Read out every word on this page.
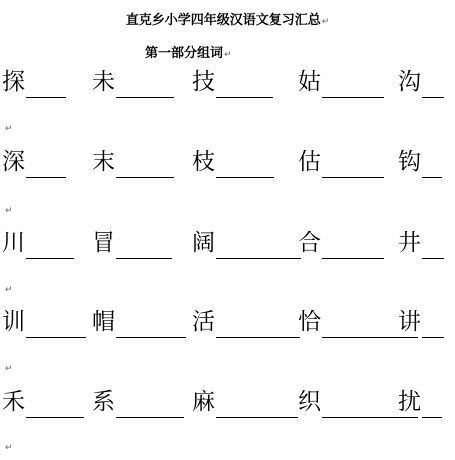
直克乡小学四年级汉语文复习汇总↵
第一部分组词↵
探	未	技	姑	沟
↵
深	末	枝	估	钩
↵
川	冒	阔	合	井
↵
训	帽	活	恰	讲
↵
禾	系	麻	织	扰
↵
